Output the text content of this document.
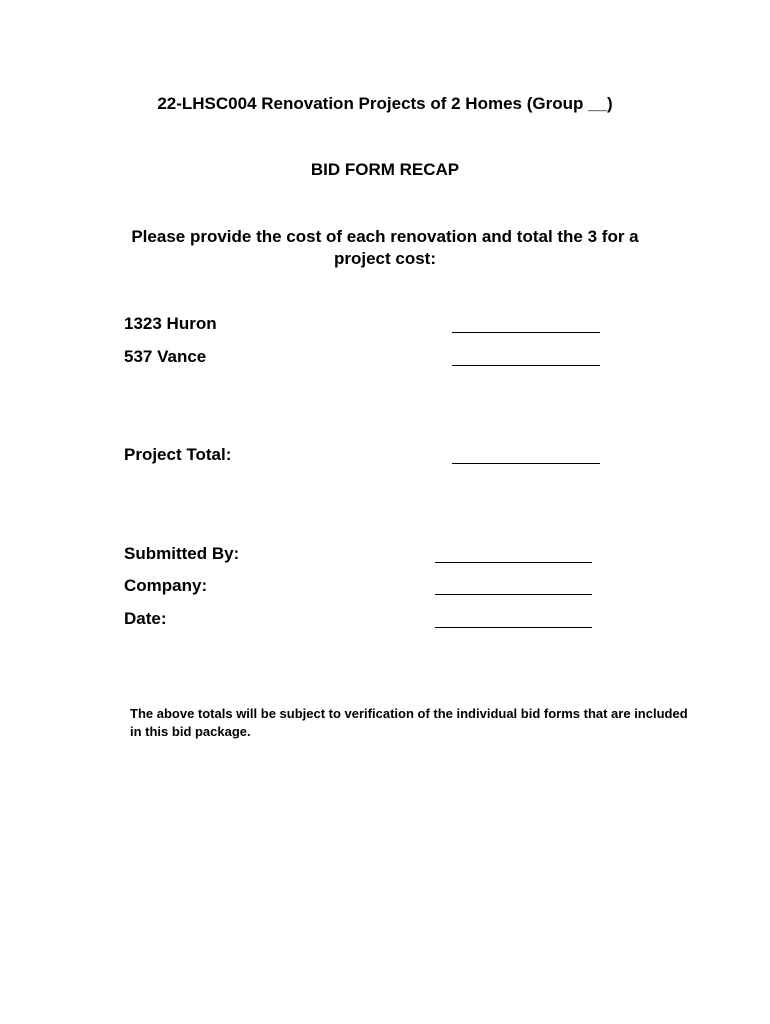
22-LHSC004 Renovation Projects of 2 Homes (Group __)
BID FORM RECAP
Please provide the cost of each renovation and total the 3 for a project cost:
1323 Huron
537 Vance
Project Total:
Submitted By:
Company:
Date:
The above totals will be subject to verification of the individual bid forms that are included in this bid package.
